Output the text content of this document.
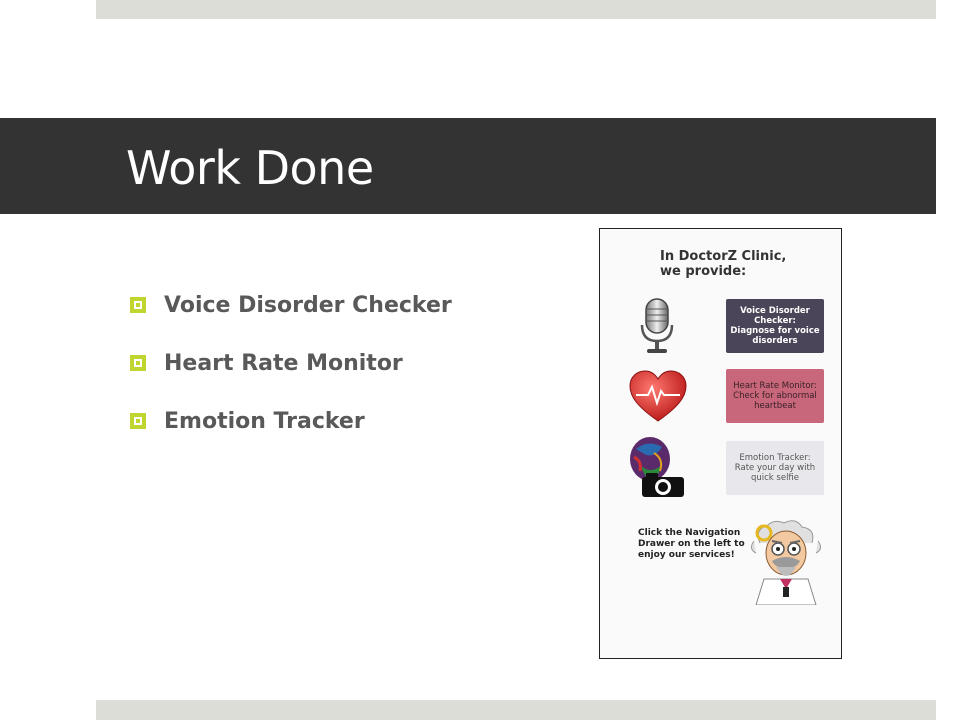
Work Done
Voice Disorder Checker
Heart Rate Monitor
Emotion Tracker
In DoctorZ Clinic,
we provide:
Voice Disorder
Checker:
Diagnose for voice
disorders
Heart Rate Monitor:
Check for abnormal
heartbeat
Emotion Tracker:
Rate your day with
quick selfie
Click the Navigation
Drawer on the left to
enjoy our services!
